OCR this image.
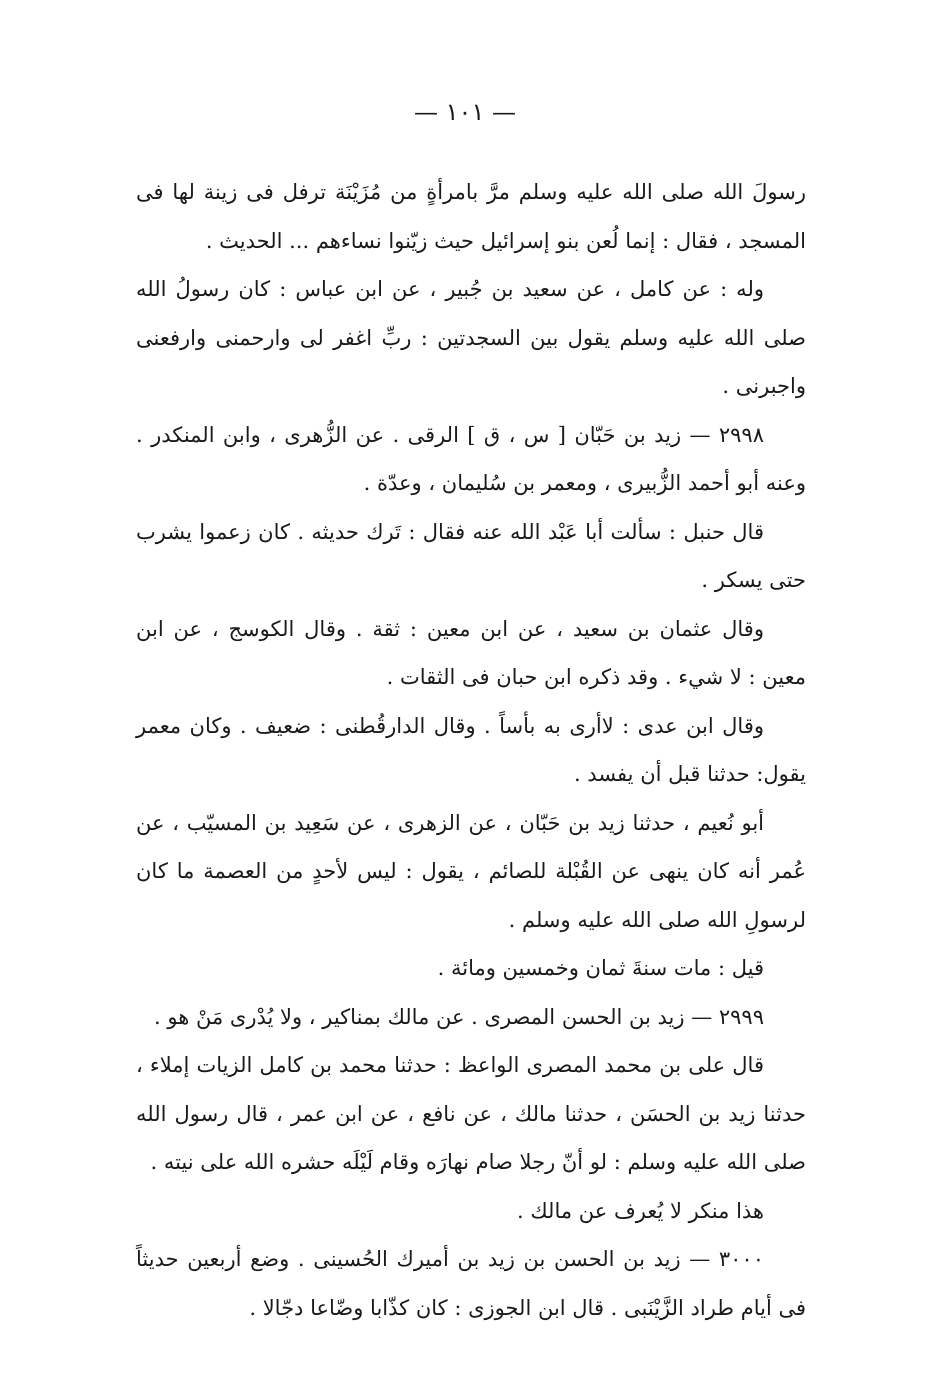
— ١٠١ —

رسولَ الله صلى الله عليه وسلم مرَّ بامرأةٍ من مُزَيْنَة ترفل فى زينة لها فى المسجد ، فقال : إنما لُعن بنو إسرائيل حيث زيّنوا نساءهم ... الحديث .

وله : عن كامل ، عن سعيد بن جُبير ، عن ابن عباس : كان رسولُ الله صلى الله عليه وسلم يقول بين السجدتين : ربِّ اغفر لى وارحمنى وارفعنى واجبرنى .

٢٩٩٨ — زيد بن حَبّان [ س ، ق ] الرقى . عن الزُّهرى ، وابن المنكدر . وعنه أبو أحمد الزُّبيرى ، ومعمر بن سُليمان ، وعدّة .

قال حنبل : سألت أبا عَبْد الله عنه فقال : تَرك حديثه . كان زعموا يشرب حتى يسكر .

وقال عثمان بن سعيد ، عن ابن معين : ثقة . وقال الكوسج ، عن ابن معين : لا شيء . وقد ذكره ابن حبان فى الثقات .

وقال ابن عدى : لاأرى به بأساً . وقال الدارقُطنى : ضعيف . وكان معمر يقول: حدثنا قبل أن يفسد .

أبو نُعيم ، حدثنا زيد بن حَبّان ، عن الزهرى ، عن سَعِيد بن المسيّب ، عن عُمر أنه كان ينهى عن القُبْلة للصائم ، يقول : ليس لأحدٍ من العصمة ما كان لرسولِ الله صلى الله عليه وسلم .

قيل : مات سنةَ ثمان وخمسين ومائة .

٢٩٩٩ — زيد بن الحسن المصرى . عن مالك بمناكير ، ولا يُدْرى مَنْ هو .

قال على بن محمد المصرى الواعظ : حدثنا محمد بن كامل الزيات إملاء ، حدثنا زيد بن الحسَن ، حدثنا مالك ، عن نافع ، عن ابن عمر ، قال رسول الله صلى الله عليه وسلم : لو أنّ رجلا صام نهارَه وقام لَيْلَه حشره الله على نيته .

هذا منكر لا يُعرف عن مالك .

٣٠٠٠ — زيد بن الحسن بن زيد بن أميرك الحُسينى . وضع أربعين حديثاً فى أيام طراد الزَّيْنَبى . قال ابن الجوزى : كان كذّابا وضّاعا دجّالا .
